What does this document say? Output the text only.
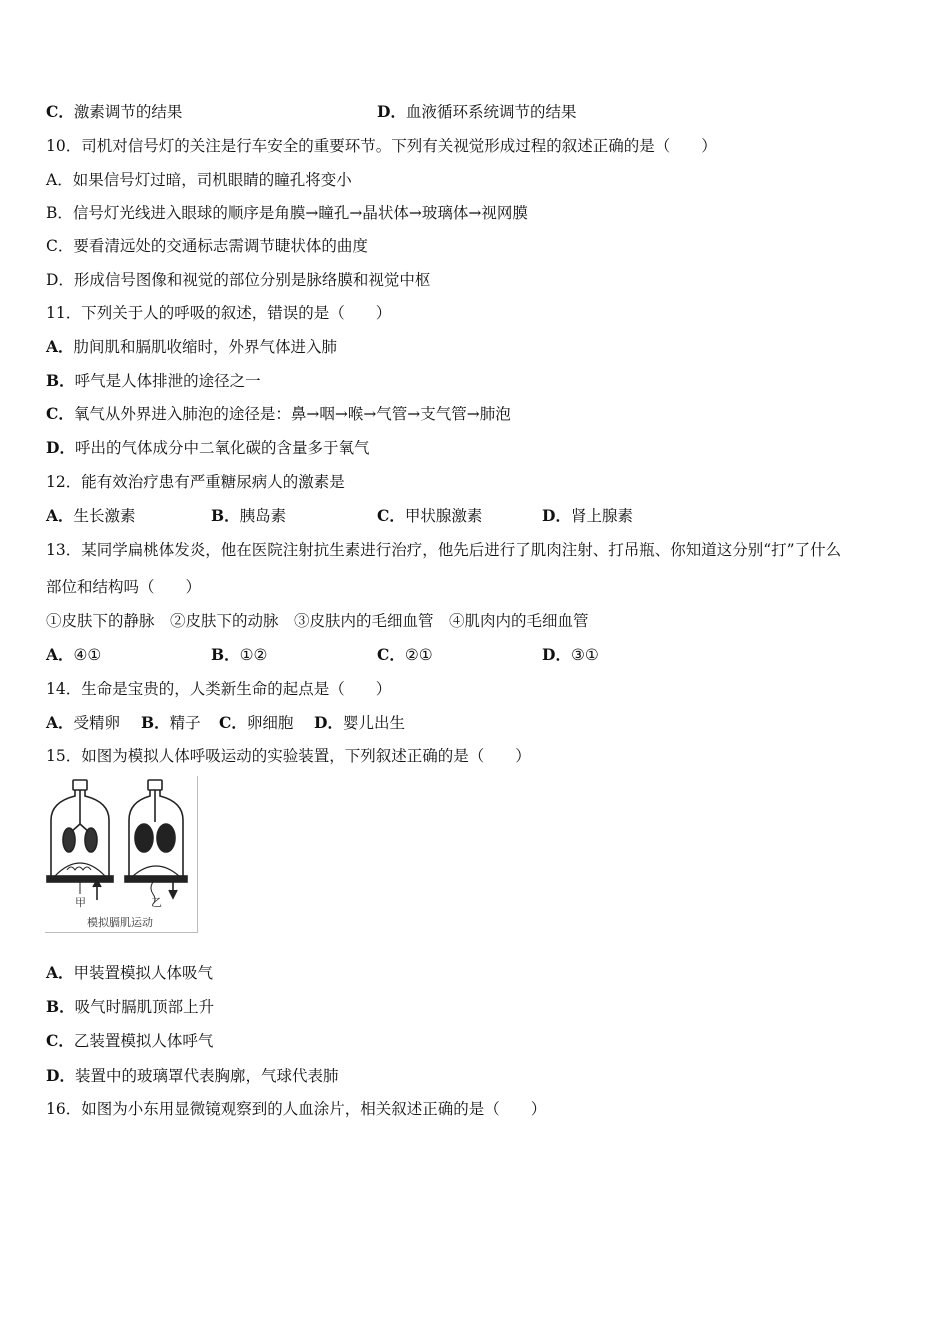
C．激素调节的结果	D．血液循环系统调节的结果
10．司机对信号灯的关注是行车安全的重要环节。下列有关视觉形成过程的叙述正确的是（　　）
A．如果信号灯过暗，司机眼睛的瞳孔将变小
B．信号灯光线进入眼球的顺序是角膜→瞳孔→晶状体→玻璃体→视网膜
C．要看清远处的交通标志需调节睫状体的曲度
D．形成信号图像和视觉的部位分别是脉络膜和视觉中枢
11．下列关于人的呼吸的叙述，错误的是（　　）
A．肋间肌和膈肌收缩时，外界气体进入肺
B．呼气是人体排泄的途径之一
C．氧气从外界进入肺泡的途径是：鼻→咽→喉→气管→支气管→肺泡
D．呼出的气体成分中二氧化碳的含量多于氧气
12．能有效治疗患有严重糖尿病人的激素是
A．生长激素	B．胰岛素	C．甲状腺激素	D．肾上腺素
13．某同学扁桃体发炎，他在医院注射抗生素进行治疗，他先后进行了肌肉注射、打吊瓶、你知道这分别“打”了什么
部位和结构吗（　　）
①皮肤下的静脉　②皮肤下的动脉　③皮肤内的毛细血管　④肌肉内的毛细血管
A．④①	B．①②	C．②①	D．③①
14．生命是宝贵的，人类新生命的起点是（　　）
A．受精卵 B．精子 C．卵细胞 D．婴儿出生
15．如图为模拟人体呼吸运动的实验装置，下列叙述正确的是（　　）
甲	乙
模拟膈肌运动
A．甲装置模拟人体吸气
B．吸气时膈肌顶部上升
C．乙装置模拟人体呼气
D．装置中的玻璃罩代表胸廓，气球代表肺
16．如图为小东用显微镜观察到的人血涂片，相关叙述正确的是（　　）
